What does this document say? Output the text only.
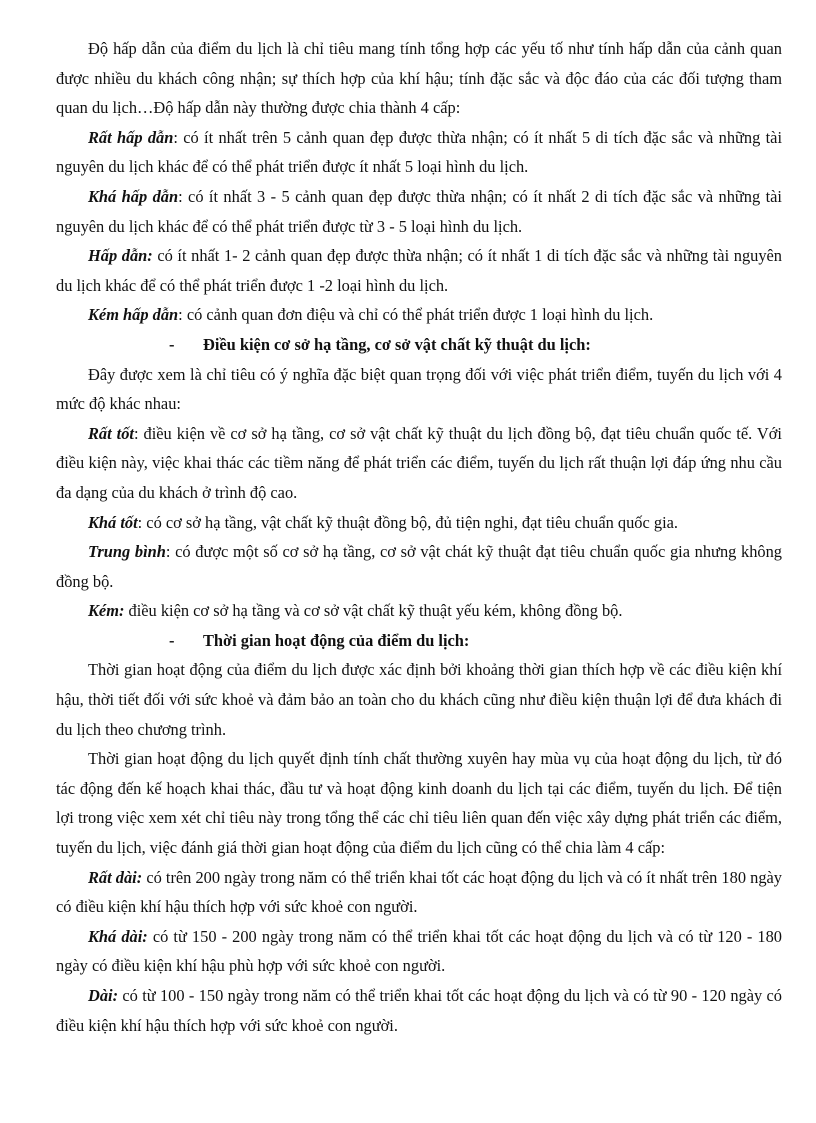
Độ hấp dẫn của điểm du lịch là chỉ tiêu mang tính tổng hợp các yếu tố như tính hấp dẫn của cảnh quan được nhiều du khách công nhận; sự thích hợp của khí hậu; tính đặc sắc và độc đáo của các đối tượng tham quan du lịch…Độ hấp dẫn này thường được chia thành 4 cấp:

Rất hấp dẫn: có ít nhất trên 5 cảnh quan đẹp được thừa nhận; có ít nhất 5 di tích đặc sắc và những tài nguyên du lịch khác để có thể phát triển được ít nhất 5 loại hình du lịch.

Khá hấp dẫn: có ít nhất 3 - 5 cảnh quan đẹp được thừa nhận; có ít nhất 2 di tích đặc sắc và những tài nguyên du lịch khác để có thể phát triển được từ 3 - 5 loại hình du lịch.

Hấp dẫn: có ít nhất 1- 2 cảnh quan đẹp được thừa nhận; có ít nhất 1 di tích đặc sắc và những tài nguyên du lịch khác để có thể phát triển được 1 -2 loại hình du lịch.

Kém hấp dẫn: có cảnh quan đơn điệu và chỉ có thể phát triển được 1 loại hình du lịch.

- Điều kiện cơ sở hạ tầng, cơ sở vật chất kỹ thuật du lịch:

Đây được xem là chỉ tiêu có ý nghĩa đặc biệt quan trọng đối với việc phát triển điểm, tuyến du lịch với 4 mức độ khác nhau:

Rất tốt: điều kiện về cơ sở hạ tầng, cơ sở vật chất kỹ thuật du lịch đồng bộ, đạt tiêu chuẩn quốc tế. Với điều kiện này, việc khai thác các tiềm năng để phát triển các điểm, tuyến du lịch rất thuận lợi đáp ứng nhu cầu đa dạng của du khách ở trình độ cao.

Khá tốt: có cơ sở hạ tầng, vật chất kỹ thuật đồng bộ, đủ tiện nghi, đạt tiêu chuẩn quốc gia.

Trung bình: có được một số cơ sở hạ tầng, cơ sở vật chát kỹ thuật đạt tiêu chuẩn quốc gia nhưng không đồng bộ.

Kém: điều kiện cơ sở hạ tầng và cơ sở vật chất kỹ thuật yếu kém, không đồng bộ.

- Thời gian hoạt động của điểm du lịch:

Thời gian hoạt động của điểm du lịch được xác định bởi khoảng thời gian thích hợp về các điều kiện khí hậu, thời tiết đối với sức khoẻ và đảm bảo an toàn cho du khách cũng như điều kiện thuận lợi để đưa khách đi du lịch theo chương trình.

Thời gian hoạt động du lịch quyết định tính chất thường xuyên hay mùa vụ của hoạt động du lịch, từ đó tác động đến kế hoạch khai thác, đầu tư và hoạt động kinh doanh du lịch tại các điểm, tuyến du lịch. Để tiện lợi trong việc xem xét chỉ tiêu này trong tổng thể các chỉ tiêu liên quan đến việc xây dựng phát triển các điểm, tuyến du lịch, việc đánh giá thời gian hoạt động của điểm du lịch cũng có thể chia làm 4 cấp:

Rất dài: có trên 200 ngày trong năm có thể triển khai tốt các hoạt động du lịch và có ít nhất trên 180 ngày có điều kiện khí hậu thích hợp với sức khoẻ con người.

Khá dài: có từ 150 - 200 ngày trong năm có thể triển khai tốt các hoạt động du lịch và có từ 120 - 180 ngày có điều kiện khí hậu phù hợp với sức khoẻ con người.

Dài: có từ 100 - 150 ngày trong năm có thể triển khai tốt các hoạt động du lịch và có từ 90 - 120 ngày có điều kiện khí hậu thích hợp với sức khoẻ con người.
